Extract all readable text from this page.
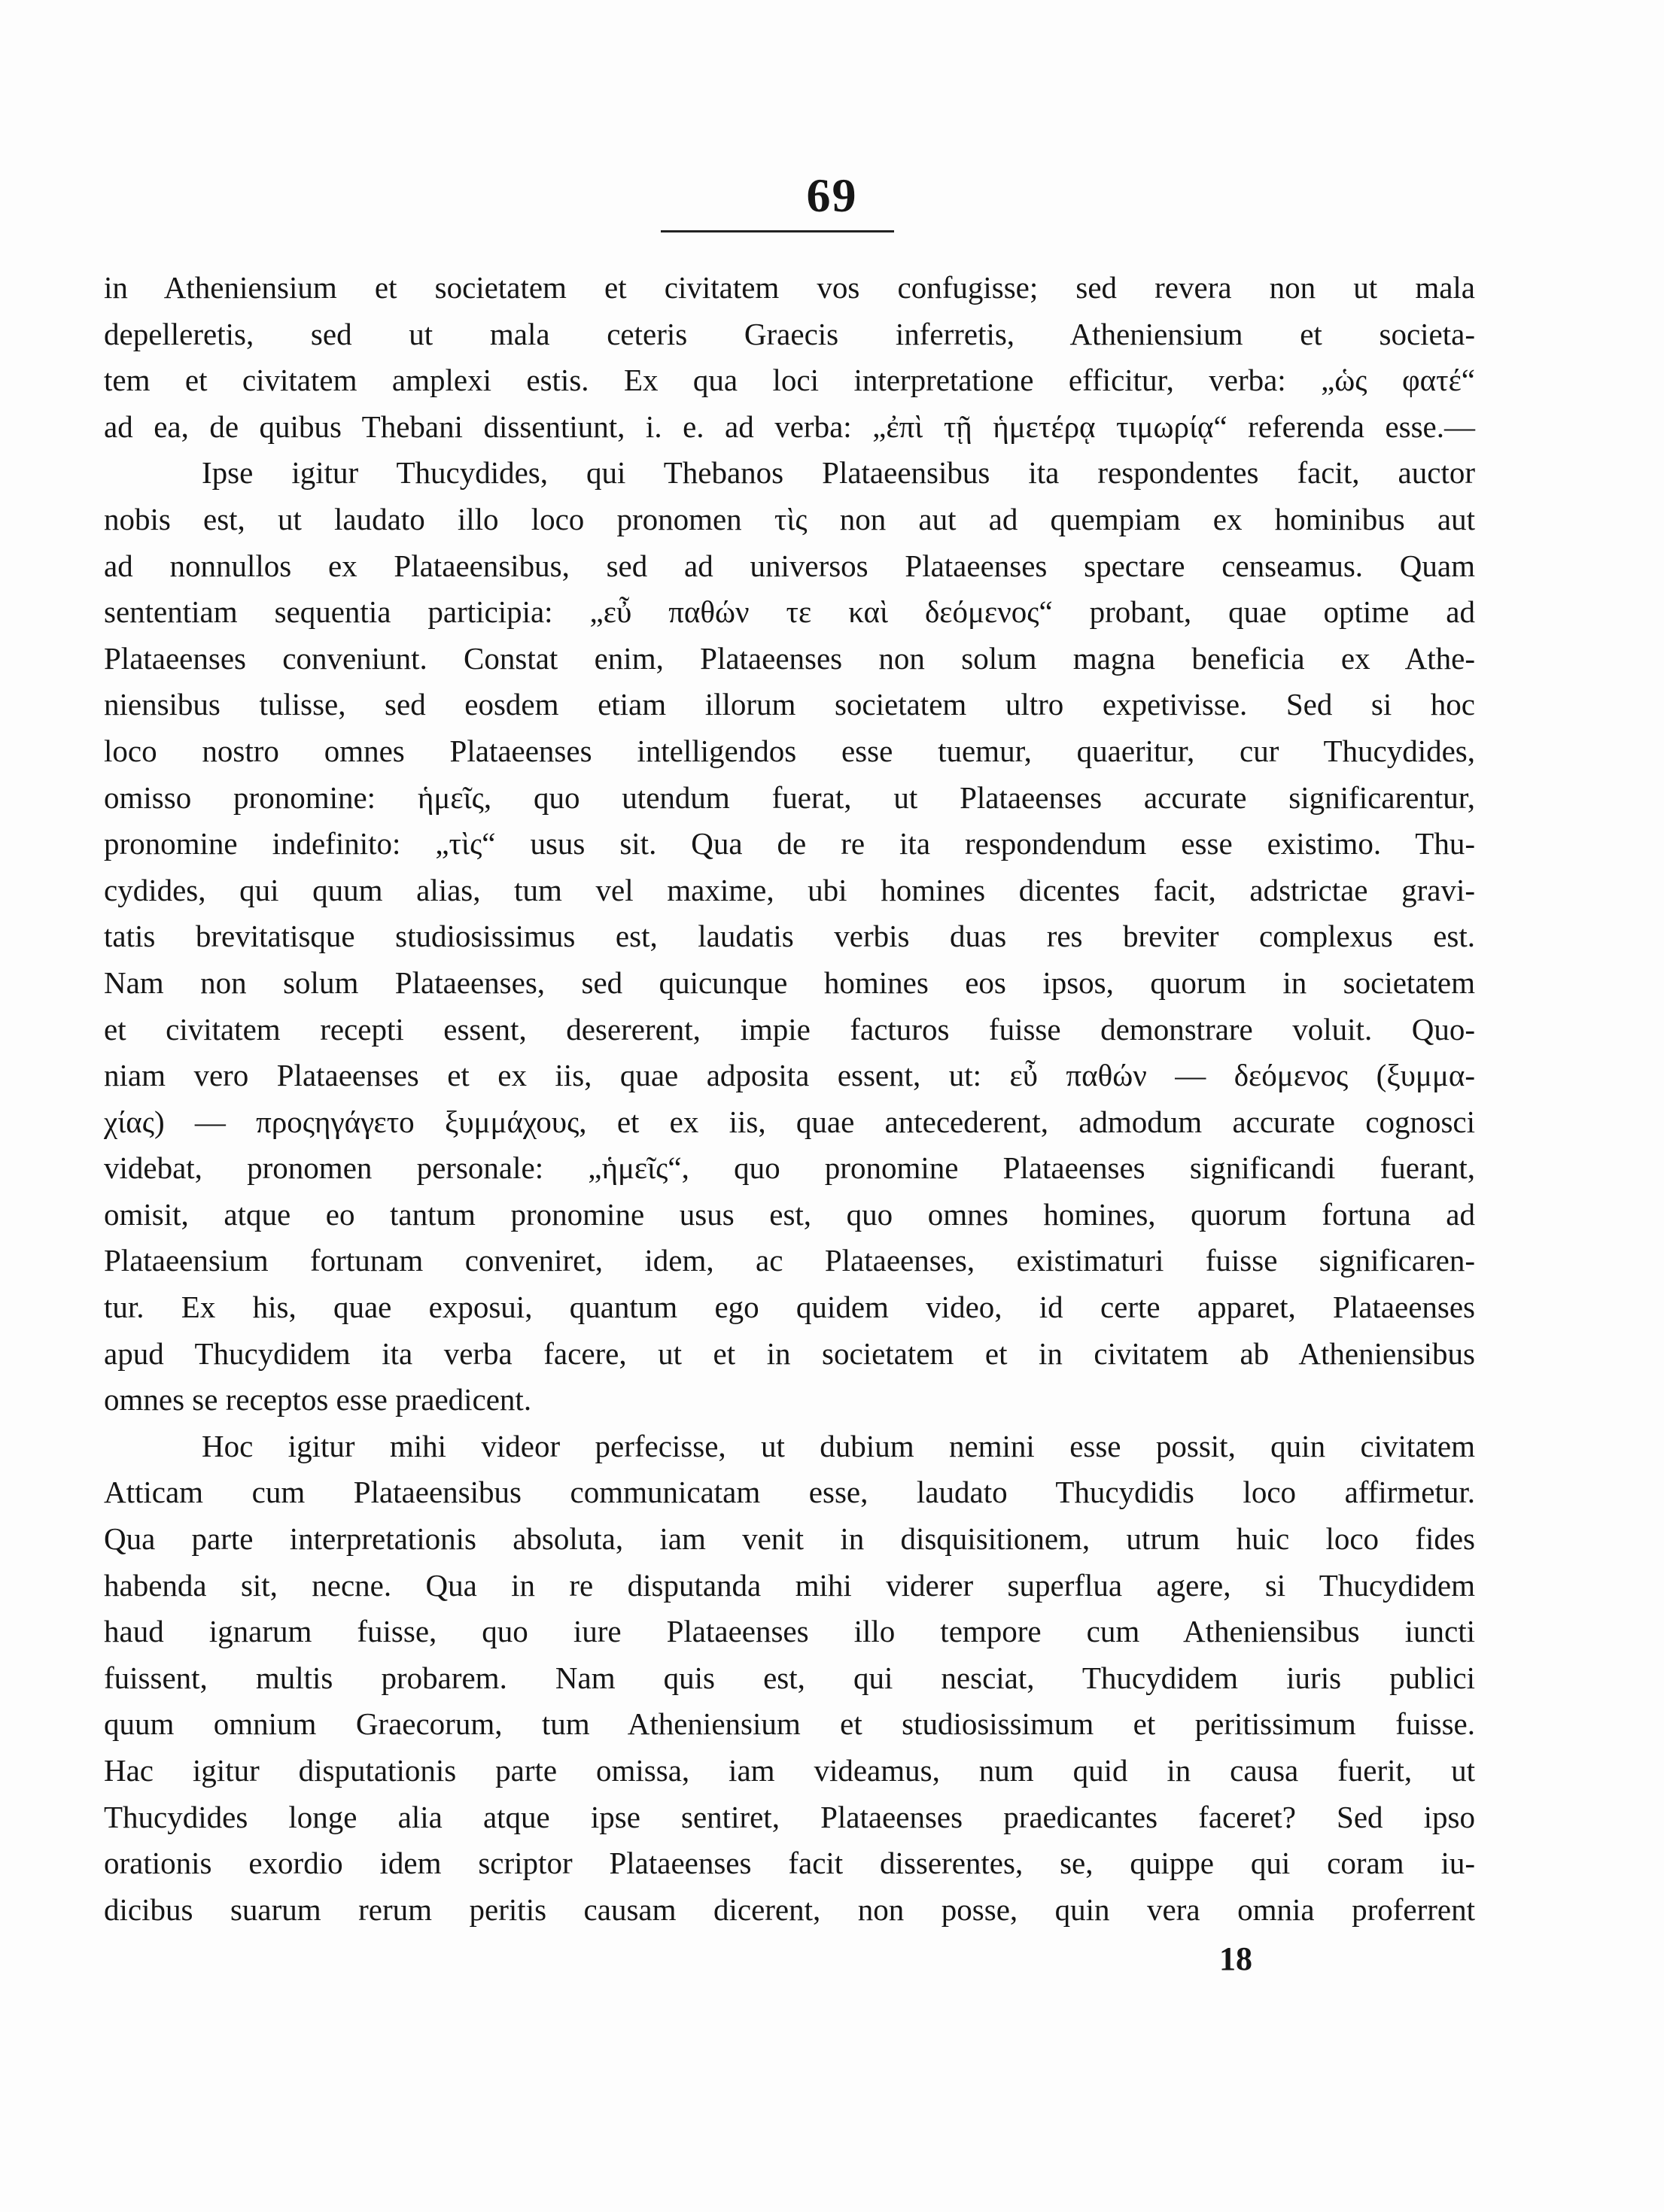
69
in Atheniensium et societatem et civitatem vos confugisse; sed revera non ut mala
depelleretis, sed ut mala ceteris Graecis inferretis, Atheniensium et societa-
tem et civitatem amplexi estis. Ex qua loci interpretatione efficitur, verba: „ὡς φατέ“
ad ea, de quibus Thebani dissentiunt, i. e. ad verba: „ἐπὶ τῇ ἡμετέρᾳ τιμωρίᾳ“ referenda esse.—
Ipse igitur Thucydides, qui Thebanos Plataeensibus ita respondentes facit, auctor
nobis est, ut laudato illo loco pronomen τὶς non aut ad quempiam ex hominibus aut
ad nonnullos ex Plataeensibus, sed ad universos Plataeenses spectare censeamus. Quam
sententiam sequentia participia: „εὖ παθών τε καὶ δεόμενος“ probant, quae optime ad
Plataeenses conveniunt. Constat enim, Plataeenses non solum magna beneficia ex Athe-
niensibus tulisse, sed eosdem etiam illorum societatem ultro expetivisse. Sed si hoc
loco nostro omnes Plataeenses intelligendos esse tuemur, quaeritur, cur Thucydides,
omisso pronomine: ἡμεῖς, quo utendum fuerat, ut Plataeenses accurate significarentur,
pronomine indefinito: „τὶς“ usus sit. Qua de re ita respondendum esse existimo. Thu-
cydides, qui quum alias, tum vel maxime, ubi homines dicentes facit, adstrictae gravi-
tatis brevitatisque studiosissimus est, laudatis verbis duas res breviter complexus est.
Nam non solum Plataeenses, sed quicunque homines eos ipsos, quorum in societatem
et civitatem recepti essent, desererent, impie facturos fuisse demonstrare voluit. Quo-
niam vero Plataeenses et ex iis, quae adposita essent, ut: εὖ παθών — δεόμενος (ξυμμα-
χίας) — προςηγάγετο ξυμμάχους, et ex iis, quae antecederent, admodum accurate cognosci
videbat, pronomen personale: „ἡμεῖς“, quo pronomine Plataeenses significandi fuerant,
omisit, atque eo tantum pronomine usus est, quo omnes homines, quorum fortuna ad
Plataeensium fortunam conveniret, idem, ac Plataeenses, existimaturi fuisse significaren-
tur. Ex his, quae exposui, quantum ego quidem video, id certe apparet, Plataeenses
apud Thucydidem ita verba facere, ut et in societatem et in civitatem ab Atheniensibus
omnes se receptos esse praedicent.
Hoc igitur mihi videor perfecisse, ut dubium nemini esse possit, quin civitatem
Atticam cum Plataeensibus communicatam esse, laudato Thucydidis loco affirmetur.
Qua parte interpretationis absoluta, iam venit in disquisitionem, utrum huic loco fides
habenda sit, necne. Qua in re disputanda mihi viderer superflua agere, si Thucydidem
haud ignarum fuisse, quo iure Plataeenses illo tempore cum Atheniensibus iuncti
fuissent, multis probarem. Nam quis est, qui nesciat, Thucydidem iuris publici
quum omnium Graecorum, tum Atheniensium et studiosissimum et peritissimum fuisse.
Hac igitur disputationis parte omissa, iam videamus, num quid in causa fuerit, ut
Thucydides longe alia atque ipse sentiret, Plataeenses praedicantes faceret? Sed ipso
orationis exordio idem scriptor Plataeenses facit disserentes, se, quippe qui coram iu-
dicibus suarum rerum peritis causam dicerent, non posse, quin vera omnia proferrent
18
